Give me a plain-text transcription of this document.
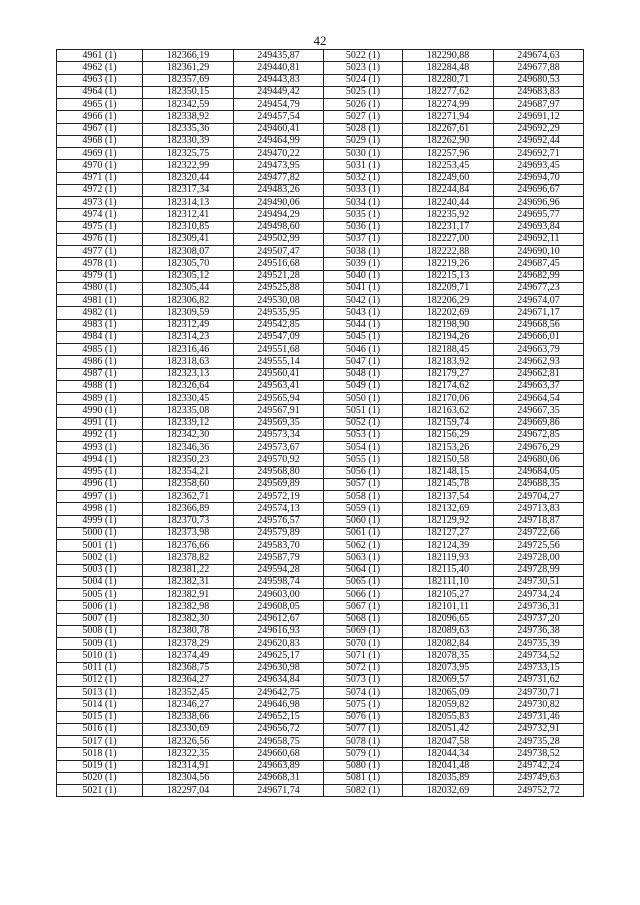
42
4961 (1)	182366,19	249435,87	5022 (1)	182290,88	249674,63
4962 (1)	182361,29	249440,81	5023 (1)	182284,48	249677,88
4963 (1)	182357,69	249443,83	5024 (1)	182280,71	249680,53
4964 (1)	182350,15	249449,42	5025 (1)	182277,62	249683,83
4965 (1)	182342,59	249454,79	5026 (1)	182274,99	249687,97
4966 (1)	182338,92	249457,54	5027 (1)	182271,94	249691,12
4967 (1)	182335,36	249460,41	5028 (1)	182267,61	249692,29
4968 (1)	182330,39	249464,99	5029 (1)	182262,90	249692,44
4969 (1)	182325,75	249470,22	5030 (1)	182257,96	249692,71
4970 (1)	182322,99	249473,95	5031 (1)	182253,45	249693,45
4971 (1)	182320,44	249477,82	5032 (1)	182249,60	249694,70
4972 (1)	182317,34	249483,26	5033 (1)	182244,84	249696,67
4973 (1)	182314,13	249490,06	5034 (1)	182240,44	249696,96
4974 (1)	182312,41	249494,29	5035 (1)	182235,92	249695,77
4975 (1)	182310,85	249498,60	5036 (1)	182231,17	249693,84
4976 (1)	182309,41	249502,99	5037 (1)	182227,00	249692,11
4977 (1)	182308,07	249507,47	5038 (1)	182222,88	249690,10
4978 (1)	182305,70	249516,68	5039 (1)	182219,26	249687,45
4979 (1)	182305,12	249521,28	5040 (1)	182215,13	249682,99
4980 (1)	182305,44	249525,88	5041 (1)	182209,71	249677,23
4981 (1)	182306,82	249530,08	5042 (1)	182206,29	249674,07
4982 (1)	182309,59	249535,95	5043 (1)	182202,69	249671,17
4983 (1)	182312,49	249542,85	5044 (1)	182198,90	249668,56
4984 (1)	182314,23	249547,09	5045 (1)	182194,26	249666,01
4985 (1)	182316,46	249551,68	5046 (1)	182188,45	249663,79
4986 (1)	182318,63	249555,14	5047 (1)	182183,92	249662,93
4987 (1)	182323,13	249560,41	5048 (1)	182179,27	249662,81
4988 (1)	182326,64	249563,41	5049 (1)	182174,62	249663,37
4989 (1)	182330,45	249565,94	5050 (1)	182170,06	249664,54
4990 (1)	182335,08	249567,91	5051 (1)	182163,62	249667,35
4991 (1)	182339,12	249569,35	5052 (1)	182159,74	249669,86
4992 (1)	182342,30	249573,34	5053 (1)	182156,29	249672,85
4993 (1)	182346,36	249573,67	5054 (1)	182153,26	249676,29
4994 (1)	182350,23	249570,92	5055 (1)	182150,58	249680,06
4995 (1)	182354,21	249568,80	5056 (1)	182148,15	249684,05
4996 (1)	182358,60	249569,89	5057 (1)	182145,78	249688,35
4997 (1)	182362,71	249572,19	5058 (1)	182137,54	249704,27
4998 (1)	182366,89	249574,13	5059 (1)	182132,69	249713,83
4999 (1)	182370,73	249576,57	5060 (1)	182129,92	249718,87
5000 (1)	182373,98	249579,89	5061 (1)	182127,27	249722,66
5001 (1)	182376,66	249583,70	5062 (1)	182124,39	249725,56
5002 (1)	182378,82	249587,79	5063 (1)	182119,93	249728,00
5003 (1)	182381,22	249594,28	5064 (1)	182115,40	249728,99
5004 (1)	182382,31	249598,74	5065 (1)	182111,10	249730,51
5005 (1)	182382,91	249603,00	5066 (1)	182105,27	249734,24
5006 (1)	182382,98	249608,05	5067 (1)	182101,11	249736,31
5007 (1)	182382,30	249612,67	5068 (1)	182096,65	249737,20
5008 (1)	182380,78	249616,93	5069 (1)	182089,63	249736,38
5009 (1)	182378,29	249620,83	5070 (1)	182082,84	249735,39
5010 (1)	182374,49	249625,17	5071 (1)	182078,35	249734,52
5011 (1)	182368,75	249630,98	5072 (1)	182073,95	249733,15
5012 (1)	182364,27	249634,84	5073 (1)	182069,57	249731,62
5013 (1)	182352,45	249642,75	5074 (1)	182065,09	249730,71
5014 (1)	182346,27	249646,98	5075 (1)	182059,82	249730,82
5015 (1)	182338,66	249652,15	5076 (1)	182055,83	249731,46
5016 (1)	182330,69	249656,72	5077 (1)	182051,42	249732,91
5017 (1)	182326,56	249658,75	5078 (1)	182047,58	249735,28
5018 (1)	182322,35	249660,68	5079 (1)	182044,34	249738,52
5019 (1)	182314,91	249663,89	5080 (1)	182041,48	249742,24
5020 (1)	182304,56	249668,31	5081 (1)	182035,89	249749,63
5021 (1)	182297,04	249671,74	5082 (1)	182032,69	249752,72
